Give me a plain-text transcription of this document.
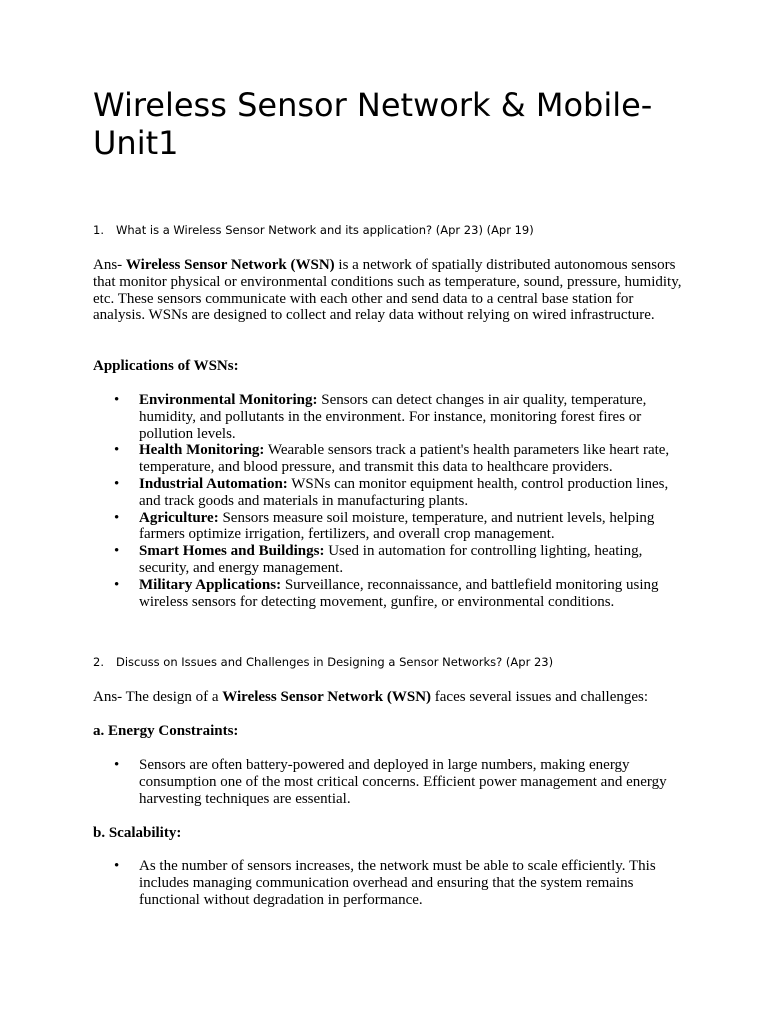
Wireless Sensor Network & Mobile- Unit1
1. What is a Wireless Sensor Network and its application? (Apr 23) (Apr 19)

Ans- Wireless Sensor Network (WSN) is a network of spatially distributed autonomous sensors that monitor physical or environmental conditions such as temperature, sound, pressure, humidity, etc. These sensors communicate with each other and send data to a central base station for analysis. WSNs are designed to collect and relay data without relying on wired infrastructure.

Applications of WSNs:

• Environmental Monitoring: Sensors can detect changes in air quality, temperature, humidity, and pollutants in the environment. For instance, monitoring forest fires or pollution levels.
• Health Monitoring: Wearable sensors track a patient's health parameters like heart rate, temperature, and blood pressure, and transmit this data to healthcare providers.
• Industrial Automation: WSNs can monitor equipment health, control production lines, and track goods and materials in manufacturing plants.
• Agriculture: Sensors measure soil moisture, temperature, and nutrient levels, helping farmers optimize irrigation, fertilizers, and overall crop management.
• Smart Homes and Buildings: Used in automation for controlling lighting, heating, security, and energy management.
• Military Applications: Surveillance, reconnaissance, and battlefield monitoring using wireless sensors for detecting movement, gunfire, or environmental conditions.
2. Discuss on Issues and Challenges in Designing a Sensor Networks? (Apr 23)

Ans- The design of a Wireless Sensor Network (WSN) faces several issues and challenges:

a. Energy Constraints:

• Sensors are often battery-powered and deployed in large numbers, making energy consumption one of the most critical concerns. Efficient power management and energy harvesting techniques are essential.

b. Scalability:

• As the number of sensors increases, the network must be able to scale efficiently. This includes managing communication overhead and ensuring that the system remains functional without degradation in performance.
